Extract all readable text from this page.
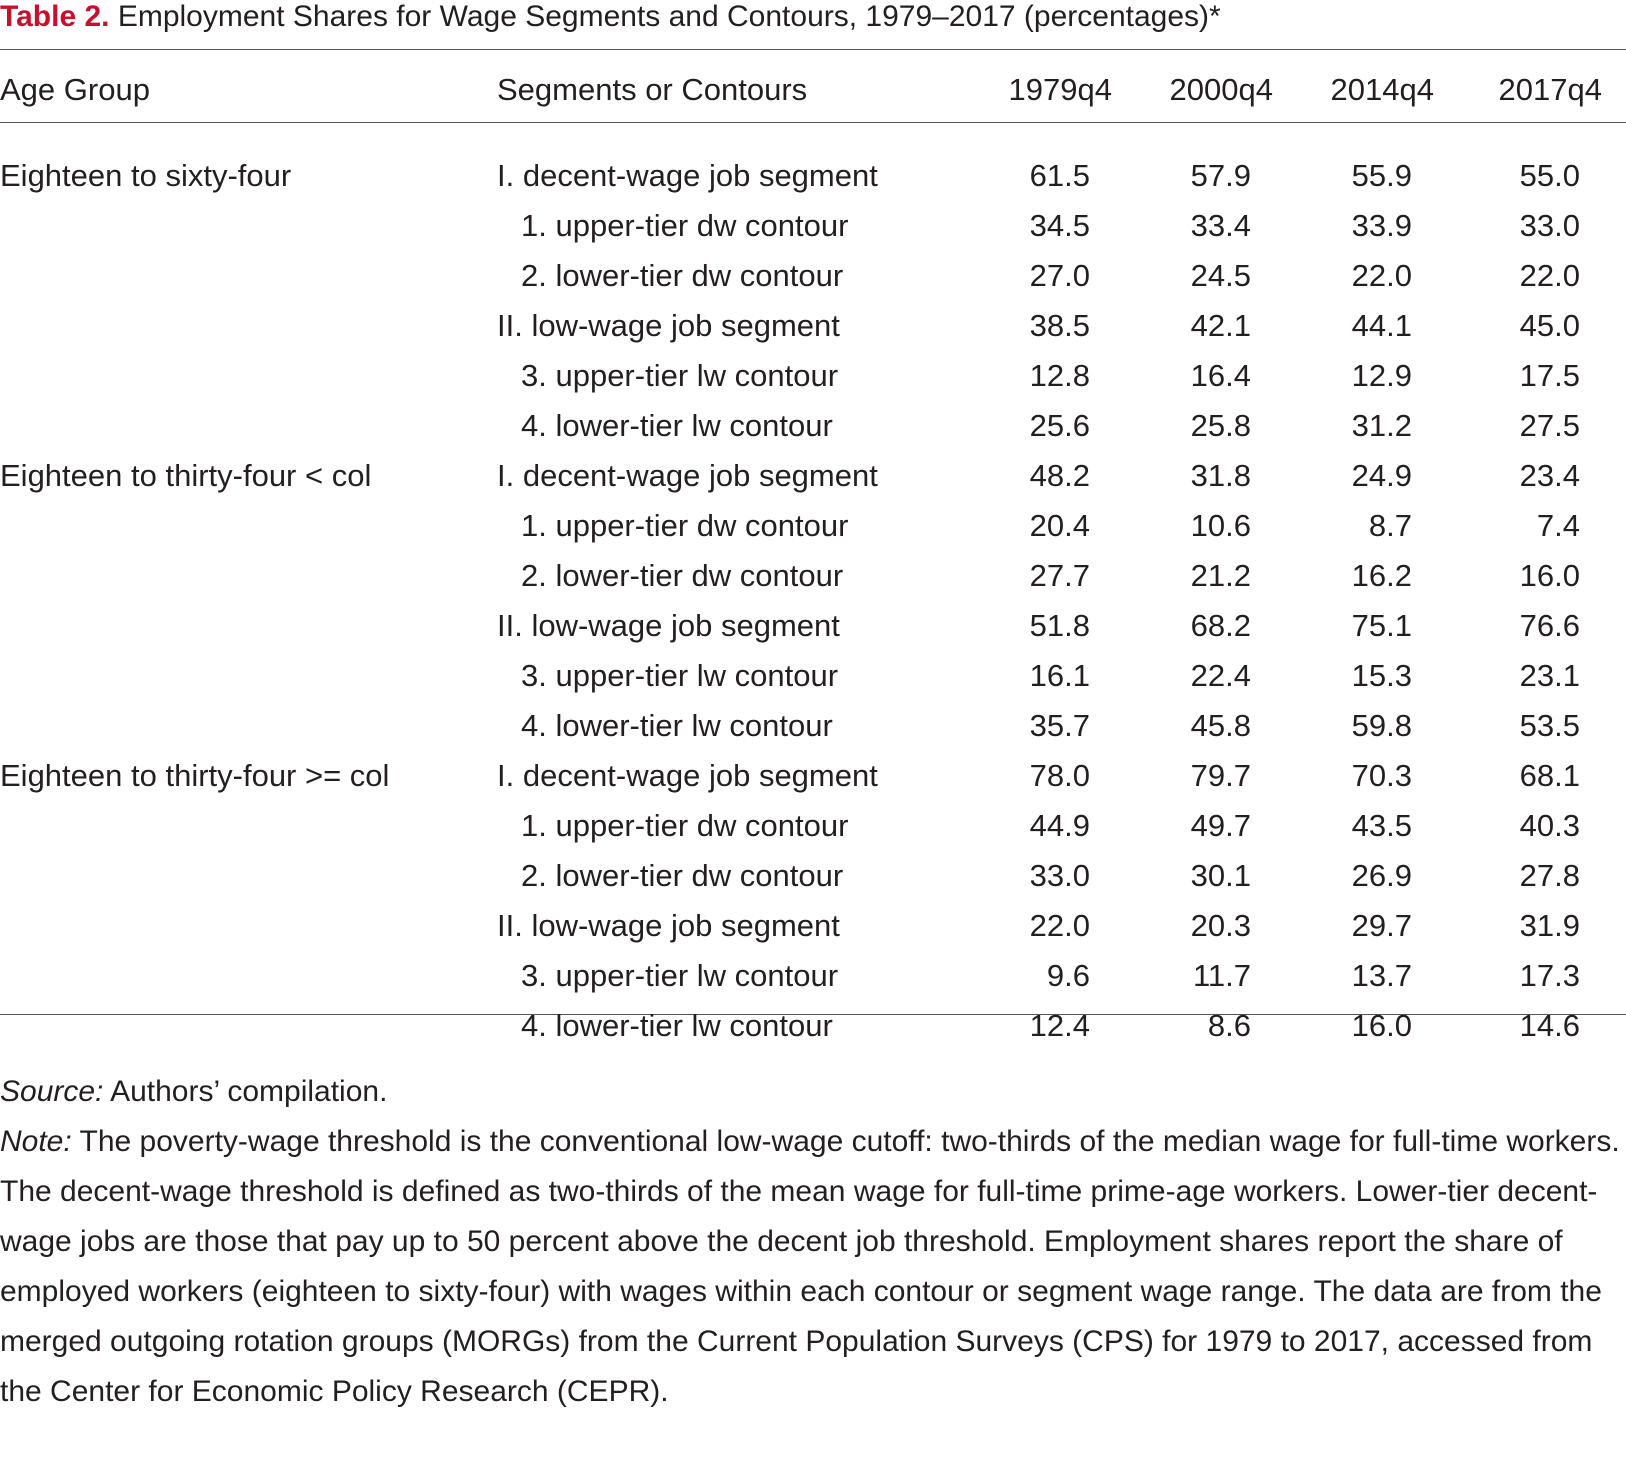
Table 2. Employment Shares for Wage Segments and Contours, 1979–2017 (percentages)*
Age Group	Segments or Contours	1979q4	2000q4	2014q4	2017q4
Eighteen to sixty-four	I. decent-wage job segment	61.5	57.9	55.9	55.0
	1. upper-tier dw contour	34.5	33.4	33.9	33.0
	2. lower-tier dw contour	27.0	24.5	22.0	22.0
	II. low-wage job segment	38.5	42.1	44.1	45.0
	3. upper-tier lw contour	12.8	16.4	12.9	17.5
	4. lower-tier lw contour	25.6	25.8	31.2	27.5
Eighteen to thirty-four < col	I. decent-wage job segment	48.2	31.8	24.9	23.4
	1. upper-tier dw contour	20.4	10.6	8.7	7.4
	2. lower-tier dw contour	27.7	21.2	16.2	16.0
	II. low-wage job segment	51.8	68.2	75.1	76.6
	3. upper-tier lw contour	16.1	22.4	15.3	23.1
	4. lower-tier lw contour	35.7	45.8	59.8	53.5
Eighteen to thirty-four >= col	I. decent-wage job segment	78.0	79.7	70.3	68.1
	1. upper-tier dw contour	44.9	49.7	43.5	40.3
	2. lower-tier dw contour	33.0	30.1	26.9	27.8
	II. low-wage job segment	22.0	20.3	29.7	31.9
	3. upper-tier lw contour	9.6	11.7	13.7	17.3
	4. lower-tier lw contour	12.4	8.6	16.0	14.6

Source: Authors’ compilation.

Note: The poverty-wage threshold is the conventional low-wage cutoff: two-thirds of the median wage for full-time workers. The decent-wage threshold is defined as two-thirds of the mean wage for full-time prime-age workers. Lower-tier decent-wage jobs are those that pay up to 50 percent above the decent job threshold. Employment shares report the share of employed workers (eighteen to sixty-four) with wages within each contour or segment wage range. The data are from the merged outgoing rotation groups (MORGs) from the Current Population Surveys (CPS) for 1979 to 2017, accessed from the Center for Economic Policy Research (CEPR).
